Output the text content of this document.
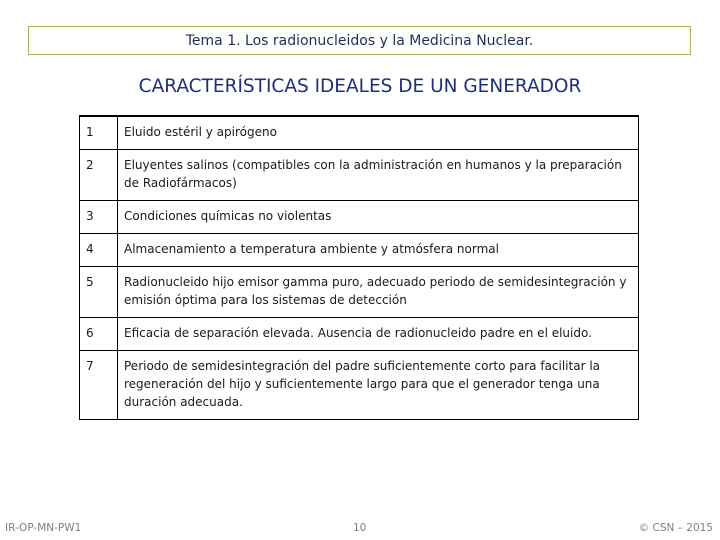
Tema 1. Los radionucleidos y la Medicina Nuclear.
CARACTERÍSTICAS IDEALES DE UN GENERADOR
1	Eluido estéril y apirógeno
2	Eluyentes salinos (compatibles con la administración en humanos y la preparación de Radiofármacos)
3	Condiciones químicas no violentas
4	Almacenamiento a temperatura ambiente y atmósfera normal
5	Radionucleido hijo emisor gamma puro, adecuado periodo de semidesintegración y emisión óptima para los sistemas de detección
6	Eficacia de separación elevada. Ausencia de radionucleido padre en el eluido.
7	Periodo de semidesintegración del padre suficientemente corto para facilitar la regeneración del hijo y suficientemente largo para que el generador tenga una duración adecuada.
IR-OP-MN-PW1	10	© CSN – 2015
